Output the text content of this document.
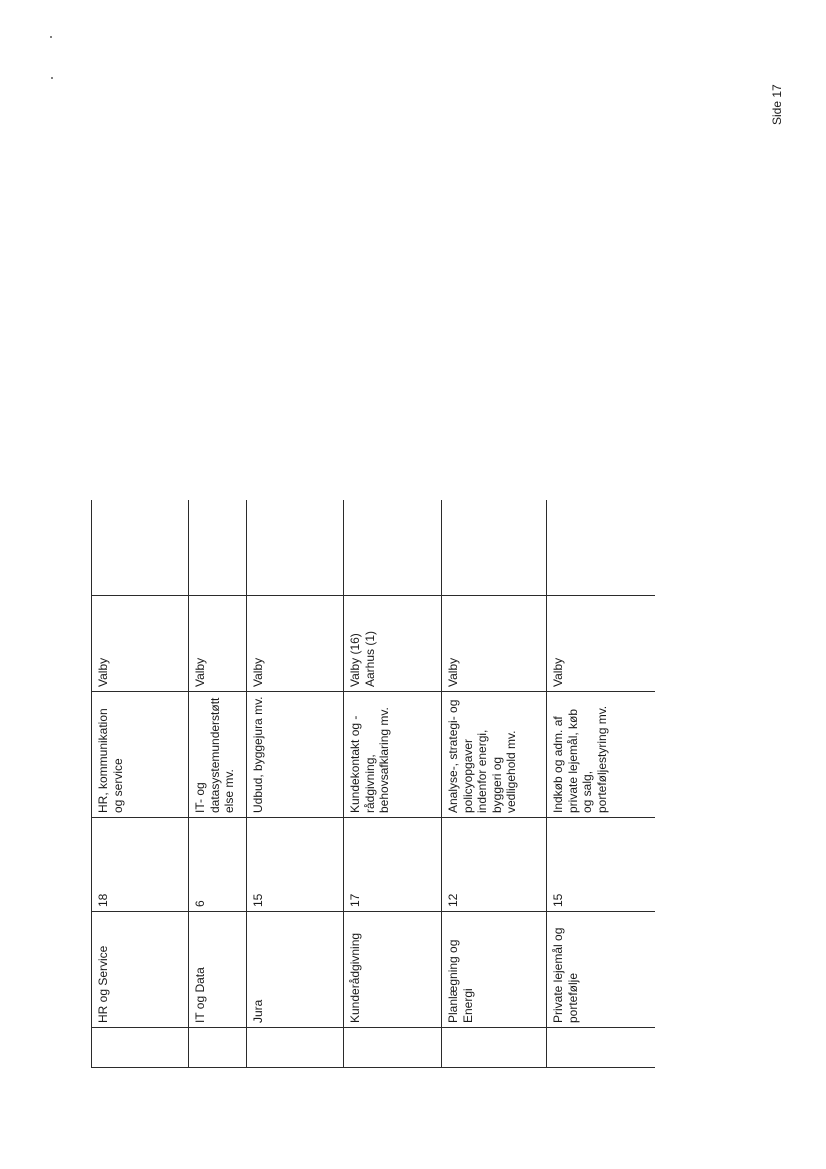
Side 17
	HR og Service	18	HR, kommunikation og service	Valby	
	IT og Data	6	IT- og datasystemunderstøttelse mv.	Valby	
	Jura	15	Udbud, byggejura mv.	Valby	
	Kunderådgivning	17	Kundekontakt og -rådgivning, behovsafklaring mv.	Valby (16) Aarhus (1)	
	Planlægning og Energi	12	Analyse-, strategi- og policyopgaver indenfor energi, byggeri og vedligehold mv.	Valby	
	Private lejemål og portefølje	15	Indkøb og adm. af private lejemål, køb og salg, porteføljestyring mv.	Valby	
